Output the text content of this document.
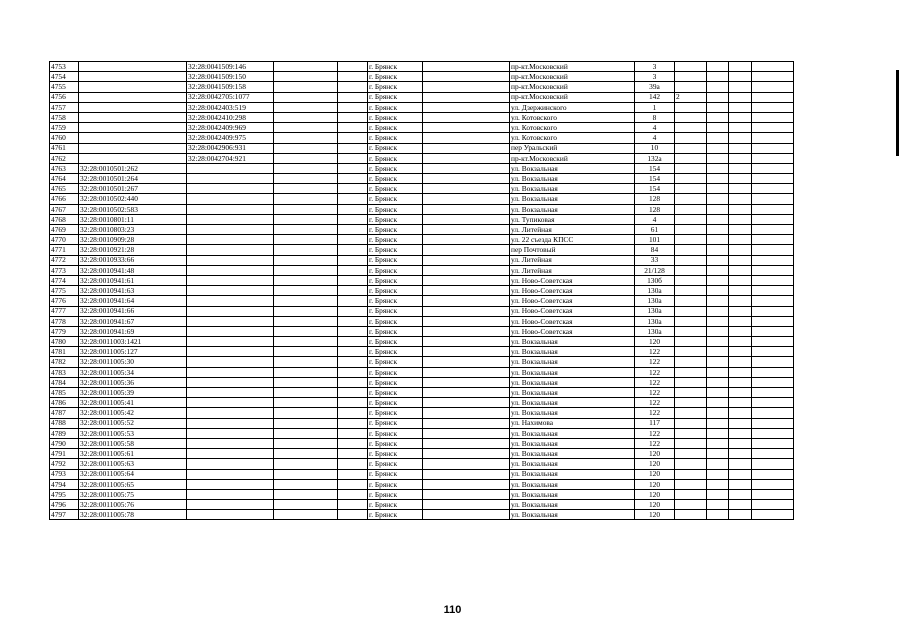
4753		32:28:0041509:146			г. Брянск		пр-кт.Московский	3				
4754		32:28:0041509:150			г. Брянск		пр-кт.Московский	3				
4755		32:28:0041509:158			г. Брянск		пр-кт.Московский	39а				
4756		32:28:0042705:1077			г. Брянск		пр-кт.Московский	142	2			
4757		32:28:0042403:519			г. Брянск		ул. Дзержинского	1				
4758		32:28:0042410:298			г. Брянск		ул. Котовского	8				
4759		32:28:0042409:969			г. Брянск		ул. Котовского	4				
4760		32:28:0042409:975			г. Брянск		ул. Котовского	4				
4761		32:28:0042906:931			г. Брянск		пер Уральский	10				
4762		32:28:0042704:921			г. Брянск		пр-кт.Московский	132а				
4763	32:28:0010501:262				г. Брянск		ул. Вокзальная	154				
4764	32:28:0010501:264				г. Брянск		ул. Вокзальная	154				
4765	32:28:0010501:267				г. Брянск		ул. Вокзальная	154				
4766	32:28:0010502:440				г. Брянск		ул. Вокзальная	128				
4767	32:28:0010502:583				г. Брянск		ул. Вокзальная	128				
4768	32:28:0010801:11				г. Брянск		ул. Тупиковая	4				
4769	32:28:0010803:23				г. Брянск		ул. Литейная	61				
4770	32:28:0010909:28				г. Брянск		ул. 22 съезда КПСС	101				
4771	32:28:0010921:28				г. Брянск		пер Почтовый	84				
4772	32:28:0010933:66				г. Брянск		ул. Литейная	33				
4773	32:28:0010941:48				г. Брянск		ул. Литейная	21/128				
4774	32:28:0010941:61				г. Брянск		ул. Ново-Советская	130б				
4775	32:28:0010941:63				г. Брянск		ул. Ново-Советская	130а				
4776	32:28:0010941:64				г. Брянск		ул. Ново-Советская	130а				
4777	32:28:0010941:66				г. Брянск		ул. Ново-Советская	130а				
4778	32:28:0010941:67				г. Брянск		ул. Ново-Советская	130а				
4779	32:28:0010941:69				г. Брянск		ул. Ново-Советская	130а				
4780	32:28:0011003:1421				г. Брянск		ул. Вокзальная	120				
4781	32:28:0011005:127				г. Брянск		ул. Вокзальная	122				
4782	32:28:0011005:30				г. Брянск		ул. Вокзальная	122				
4783	32:28:0011005:34				г. Брянск		ул. Вокзальная	122				
4784	32:28:0011005:36				г. Брянск		ул. Вокзальная	122				
4785	32:28:0011005:39				г. Брянск		ул. Вокзальная	122				
4786	32:28:0011005:41				г. Брянск		ул. Вокзальная	122				
4787	32:28:0011005:42				г. Брянск		ул. Вокзальная	122				
4788	32:28:0011005:52				г. Брянск		ул. Нахимова	117				
4789	32:28:0011005:53				г. Брянск		ул. Вокзальная	122				
4790	32:28:0011005:58				г. Брянск		ул. Вокзальная	122				
4791	32:28:0011005:61				г. Брянск		ул. Вокзальная	120				
4792	32:28:0011005:63				г. Брянск		ул. Вокзальная	120				
4793	32:28:0011005:64				г. Брянск		ул. Вокзальная	120				
4794	32:28:0011005:65				г. Брянск		ул. Вокзальная	120				
4795	32:28:0011005:75				г. Брянск		ул. Вокзальная	120				
4796	32:28:0011005:76				г. Брянск		ул. Вокзальная	120				
4797	32:28:0011005:78				г. Брянск		ул. Вокзальная	120				
110
